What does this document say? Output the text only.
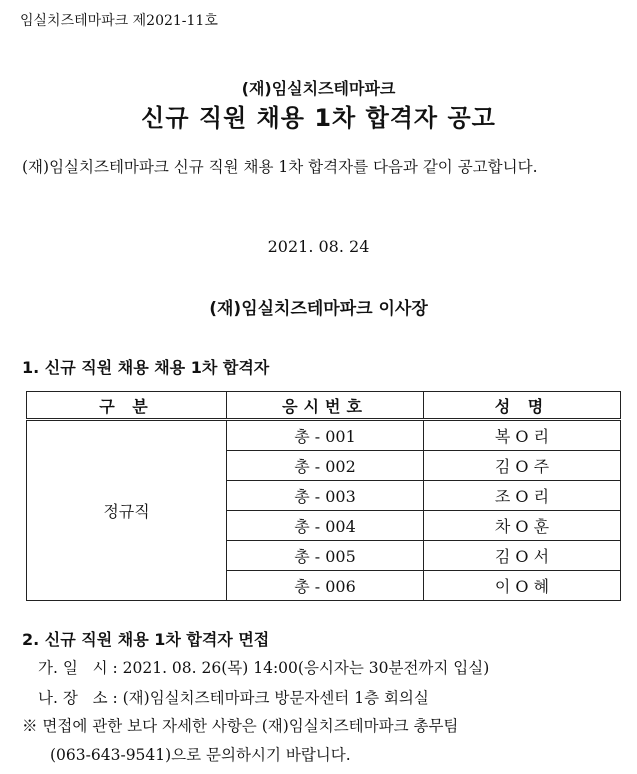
임실치즈테마파크 제2021-11호
(재)임실치즈테마파크
신규 직원 채용 1차 합격자 공고
(재)임실치즈테마파크 신규 직원 채용 1차 합격자를 다음과 같이 공고합니다.
2021. 08. 24
(재)임실치즈테마파크 이사장
1. 신규 직원 채용 채용 1차 합격자
구 분	응시번호	성 명
정규직	총 - 001	복 O 리
	총 - 002	김 O 주
	총 - 003	조 O 리
	총 - 004	차 O 훈
	총 - 005	김 O 서
	총 - 006	이 O 혜
2. 신규 직원 채용 1차 합격자 면접
가. 일   시 : 2021. 08. 26(목) 14:00(응시자는 30분전까지 입실)
나. 장   소 : (재)임실치즈테마파크 방문자센터 1층 회의실
※ 면접에 관한 보다 자세한 사항은 (재)임실치즈테마파크 총무팀
(063-643-9541)으로 문의하시기 바랍니다.
